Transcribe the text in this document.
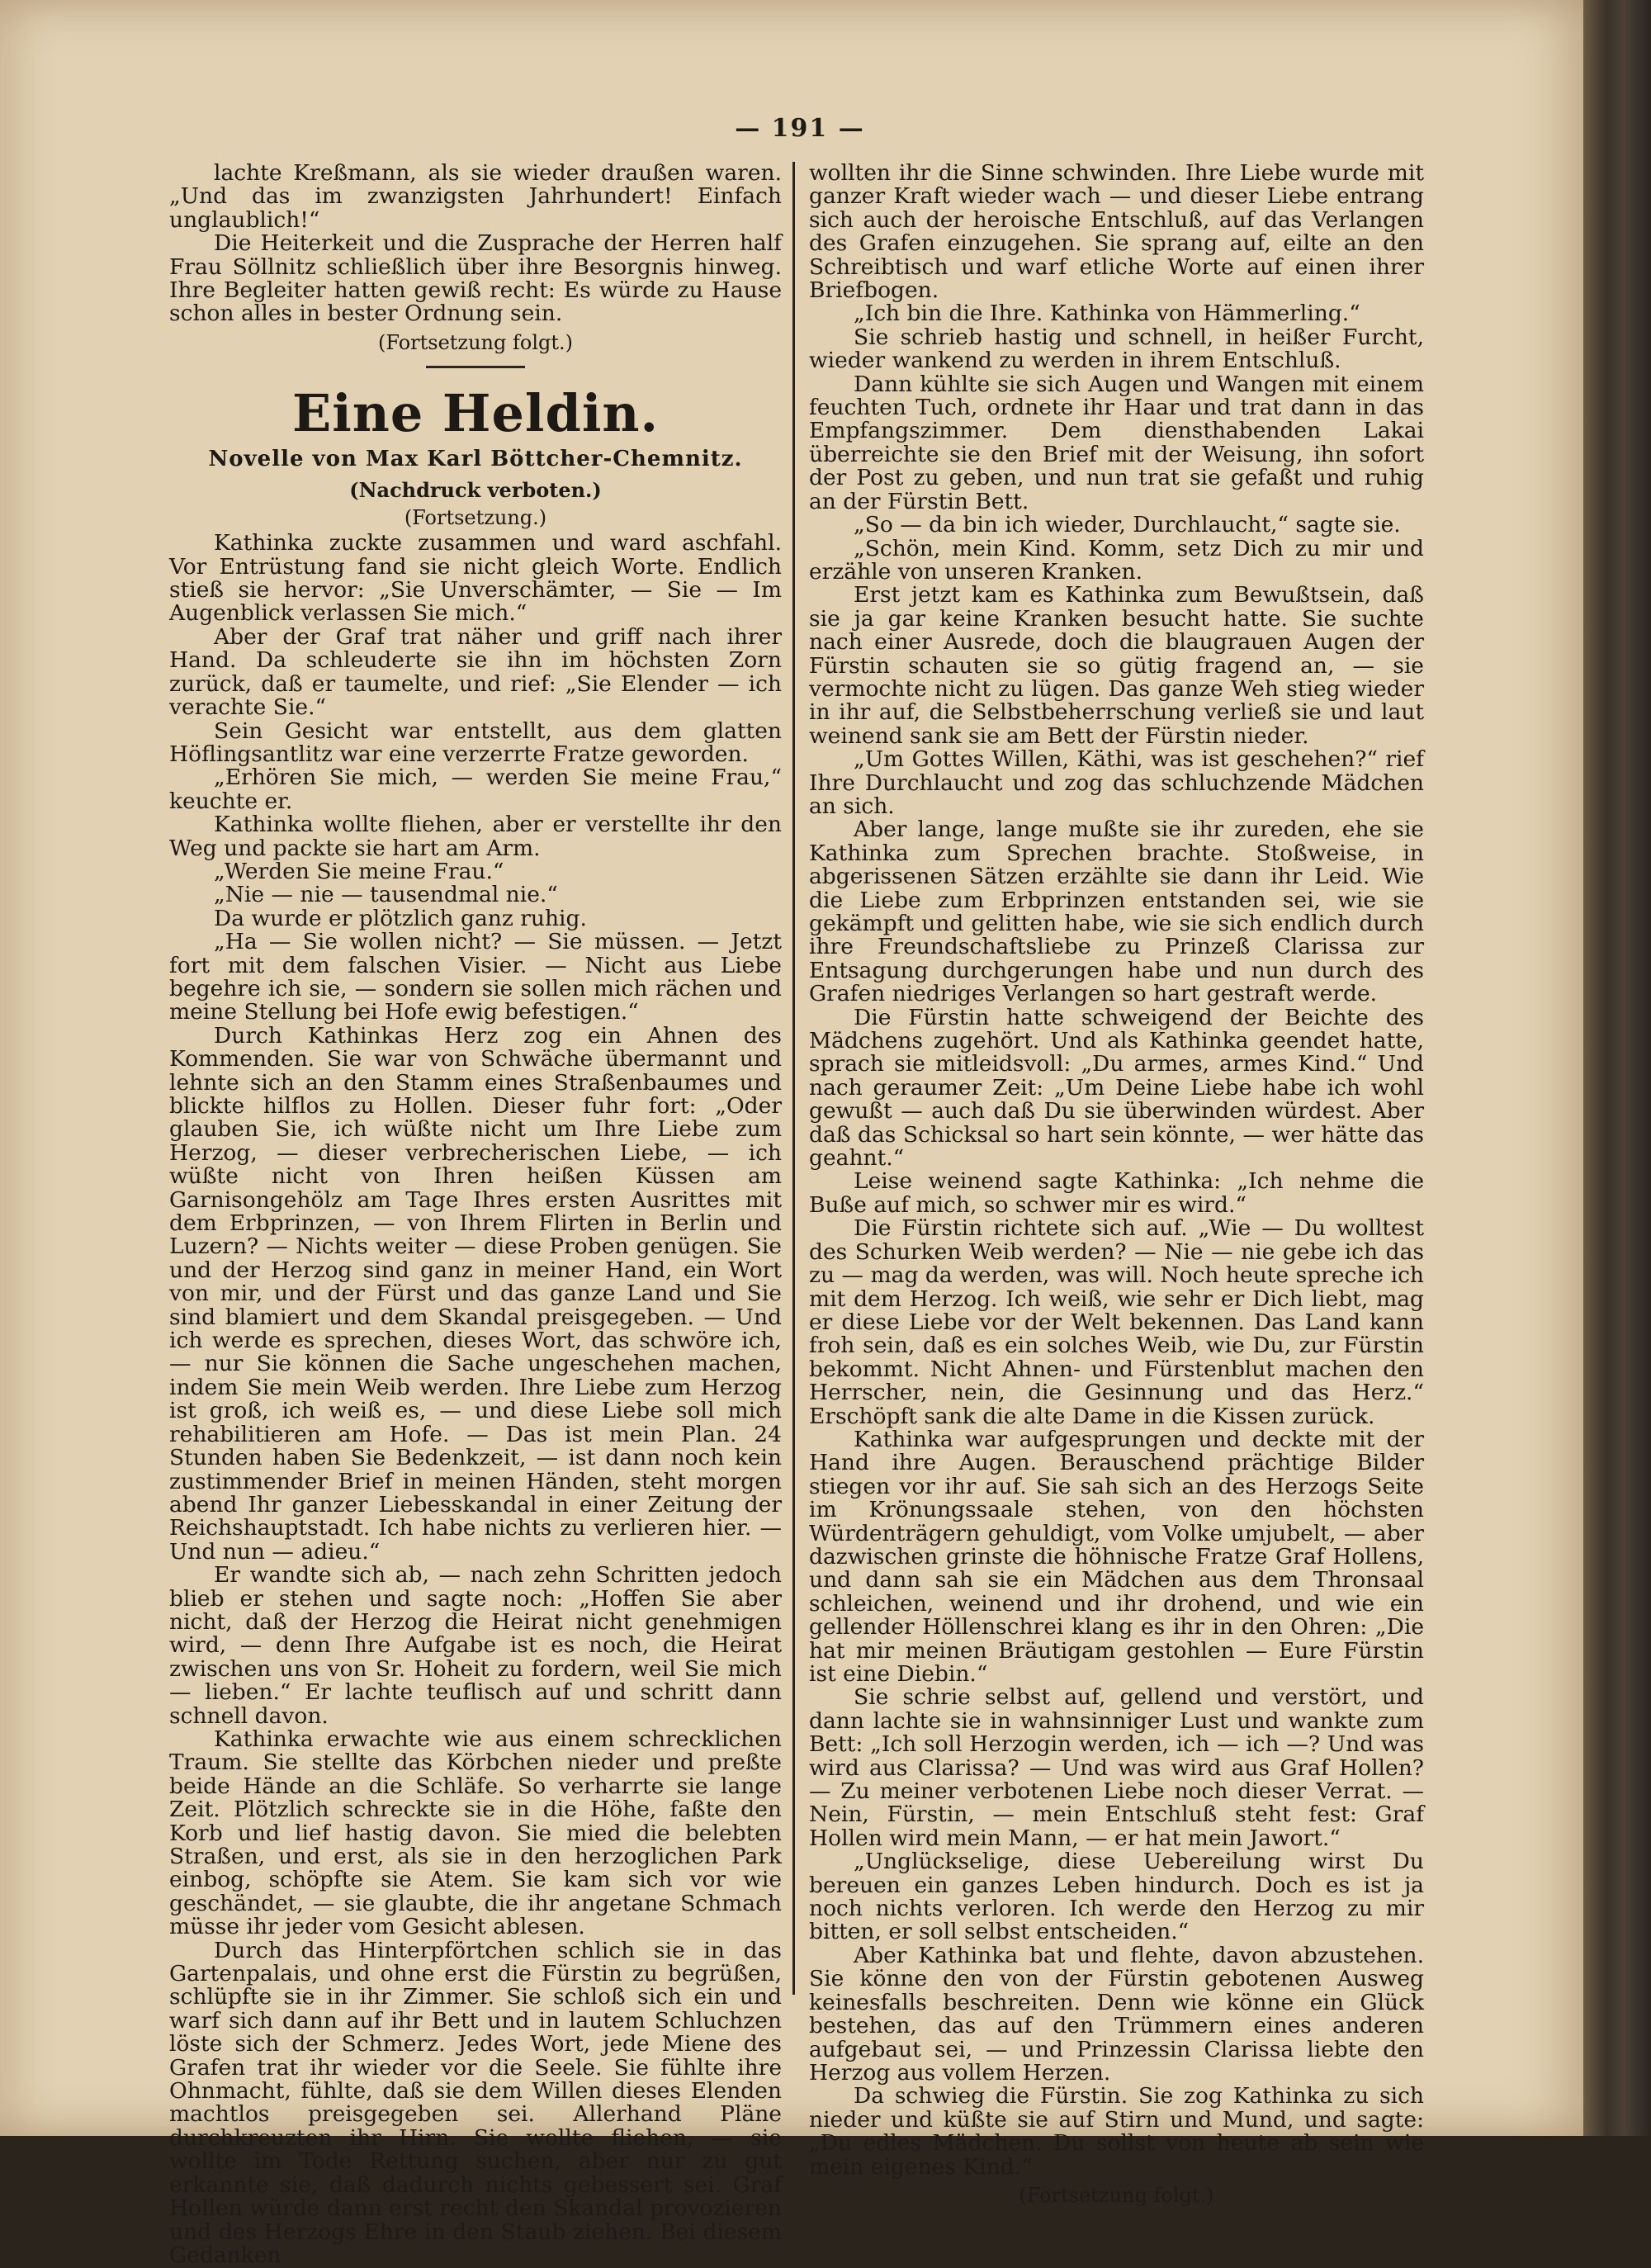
— 191 —

lachte Kreßmann, als sie wieder draußen waren. „Und das im zwanzigsten Jahrhundert! Einfach unglaublich!“

Die Heiterkeit und die Zusprache der Herren half Frau Söllnitz schließlich über ihre Besorgnis hinweg. Ihre Begleiter hatten gewiß recht: Es würde zu Hause schon alles in bester Ordnung sein.

(Fortsetzung folgt.)

Eine Heldin.
Novelle von Max Karl Böttcher-Chemnitz.
(Nachdruck verboten.)
(Fortsetzung.)

Kathinka zuckte zusammen und ward aschfahl. Vor Entrüstung fand sie nicht gleich Worte. Endlich stieß sie hervor: „Sie Unverschämter, — Sie — Im Augenblick verlassen Sie mich.“

Aber der Graf trat näher und griff nach ihrer Hand. Da schleuderte sie ihn im höchsten Zorn zurück, daß er taumelte, und rief: „Sie Elender — ich verachte Sie.“

Sein Gesicht war entstellt, aus dem glatten Höflingsantlitz war eine verzerrte Fratze geworden.

„Erhören Sie mich, — werden Sie meine Frau,“ keuchte er.

Kathinka wollte fliehen, aber er verstellte ihr den Weg und packte sie hart am Arm.

„Werden Sie meine Frau.“

„Nie — nie — tausendmal nie.“

Da wurde er plötzlich ganz ruhig.

„Ha — Sie wollen nicht? — Sie müssen. — Jetzt fort mit dem falschen Visier. — Nicht aus Liebe begehre ich sie, — sondern sie sollen mich rächen und meine Stellung bei Hofe ewig befestigen.“

Durch Kathinkas Herz zog ein Ahnen des Kommenden. Sie war von Schwäche übermannt und lehnte sich an den Stamm eines Straßenbaumes und blickte hilflos zu Hollen. Dieser fuhr fort: „Oder glauben Sie, ich wüßte nicht um Ihre Liebe zum Herzog, — dieser verbrecherischen Liebe, — ich wüßte nicht von Ihren heißen Küssen am Garnisongehölz am Tage Ihres ersten Ausrittes mit dem Erbprinzen, — von Ihrem Flirten in Berlin und Luzern? — Nichts weiter — diese Proben genügen. Sie und der Herzog sind ganz in meiner Hand, ein Wort von mir, und der Fürst und das ganze Land und Sie sind blamiert und dem Skandal preisgegeben. — Und ich werde es sprechen, dieses Wort, das schwöre ich, — nur Sie können die Sache ungeschehen machen, indem Sie mein Weib werden. Ihre Liebe zum Herzog ist groß, ich weiß es, — und diese Liebe soll mich rehabilitieren am Hofe. — Das ist mein Plan. 24 Stunden haben Sie Bedenkzeit, — ist dann noch kein zustimmender Brief in meinen Händen, steht morgen abend Ihr ganzer Liebesskandal in einer Zeitung der Reichshauptstadt. Ich habe nichts zu verlieren hier. — Und nun — adieu.“

Er wandte sich ab, — nach zehn Schritten jedoch blieb er stehen und sagte noch: „Hoffen Sie aber nicht, daß der Herzog die Heirat nicht genehmigen wird, — denn Ihre Aufgabe ist es noch, die Heirat zwischen uns von Sr. Hoheit zu fordern, weil Sie mich — lieben.“ Er lachte teuflisch auf und schritt dann schnell davon.

Kathinka erwachte wie aus einem schrecklichen Traum. Sie stellte das Körbchen nieder und preßte beide Hände an die Schläfe. So verharrte sie lange Zeit. Plötzlich schreckte sie in die Höhe, faßte den Korb und lief hastig davon. Sie mied die belebten Straßen, und erst, als sie in den herzoglichen Park einbog, schöpfte sie Atem. Sie kam sich vor wie geschändet, — sie glaubte, die ihr angetane Schmach müsse ihr jeder vom Gesicht ablesen.

Durch das Hinterpförtchen schlich sie in das Gartenpalais, und ohne erst die Fürstin zu begrüßen, schlüpfte sie in ihr Zimmer. Sie schloß sich ein und warf sich dann auf ihr Bett und in lautem Schluchzen löste sich der Schmerz. Jedes Wort, jede Miene des Grafen trat ihr wieder vor die Seele. Sie fühlte ihre Ohnmacht, fühlte, daß sie dem Willen dieses Elenden machtlos preisgegeben sei. Allerhand Pläne durchkreuzten ihr Hirn. Sie wollte fliehen, — sie wollte im Tode Rettung suchen, aber nur zu gut erkannte sie, daß dadurch nichts gebessert sei. Graf Hollen würde dann erst recht den Skandal provozieren und des Herzogs Ehre in den Staub ziehen. Bei diesem Gedanken

wollten ihr die Sinne schwinden. Ihre Liebe wurde mit ganzer Kraft wieder wach — und dieser Liebe entrang sich auch der heroische Entschluß, auf das Verlangen des Grafen einzugehen. Sie sprang auf, eilte an den Schreibtisch und warf etliche Worte auf einen ihrer Briefbogen.

„Ich bin die Ihre. Kathinka von Hämmerling.“

Sie schrieb hastig und schnell, in heißer Furcht, wieder wankend zu werden in ihrem Entschluß.

Dann kühlte sie sich Augen und Wangen mit einem feuchten Tuch, ordnete ihr Haar und trat dann in das Empfangszimmer. Dem diensthabenden Lakai überreichte sie den Brief mit der Weisung, ihn sofort der Post zu geben, und nun trat sie gefaßt und ruhig an der Fürstin Bett.

„So — da bin ich wieder, Durchlaucht,“ sagte sie.

„Schön, mein Kind. Komm, setz Dich zu mir und erzähle von unseren Kranken.

Erst jetzt kam es Kathinka zum Bewußtsein, daß sie ja gar keine Kranken besucht hatte. Sie suchte nach einer Ausrede, doch die blaugrauen Augen der Fürstin schauten sie so gütig fragend an, — sie vermochte nicht zu lügen. Das ganze Weh stieg wieder in ihr auf, die Selbstbeherrschung verließ sie und laut weinend sank sie am Bett der Fürstin nieder.

„Um Gottes Willen, Käthi, was ist geschehen?“ rief Ihre Durchlaucht und zog das schluchzende Mädchen an sich.

Aber lange, lange mußte sie ihr zureden, ehe sie Kathinka zum Sprechen brachte. Stoßweise, in abgerissenen Sätzen erzählte sie dann ihr Leid. Wie die Liebe zum Erbprinzen entstanden sei, wie sie gekämpft und gelitten habe, wie sie sich endlich durch ihre Freundschaftsliebe zu Prinzeß Clarissa zur Entsagung durchgerungen habe und nun durch des Grafen niedriges Verlangen so hart gestraft werde.

Die Fürstin hatte schweigend der Beichte des Mädchens zugehört. Und als Kathinka geendet hatte, sprach sie mitleidsvoll: „Du armes, armes Kind.“ Und nach geraumer Zeit: „Um Deine Liebe habe ich wohl gewußt — auch daß Du sie überwinden würdest. Aber daß das Schicksal so hart sein könnte, — wer hätte das geahnt.“

Leise weinend sagte Kathinka: „Ich nehme die Buße auf mich, so schwer mir es wird.“

Die Fürstin richtete sich auf. „Wie — Du wolltest des Schurken Weib werden? — Nie — nie gebe ich das zu — mag da werden, was will. Noch heute spreche ich mit dem Herzog. Ich weiß, wie sehr er Dich liebt, mag er diese Liebe vor der Welt bekennen. Das Land kann froh sein, daß es ein solches Weib, wie Du, zur Fürstin bekommt. Nicht Ahnen- und Fürstenblut machen den Herrscher, nein, die Gesinnung und das Herz.“ Erschöpft sank die alte Dame in die Kissen zurück.

Kathinka war aufgesprungen und deckte mit der Hand ihre Augen. Berauschend prächtige Bilder stiegen vor ihr auf. Sie sah sich an des Herzogs Seite im Krönungssaale stehen, von den höchsten Würdenträgern gehuldigt, vom Volke umjubelt, — aber dazwischen grinste die höhnische Fratze Graf Hollens, und dann sah sie ein Mädchen aus dem Thronsaal schleichen, weinend und ihr drohend, und wie ein gellender Höllenschrei klang es ihr in den Ohren: „Die hat mir meinen Bräutigam gestohlen — Eure Fürstin ist eine Diebin.“

Sie schrie selbst auf, gellend und verstört, und dann lachte sie in wahnsinniger Lust und wankte zum Bett: „Ich soll Herzogin werden, ich — ich —? Und was wird aus Clarissa? — Und was wird aus Graf Hollen? — Zu meiner verbotenen Liebe noch dieser Verrat. — Nein, Fürstin, — mein Entschluß steht fest: Graf Hollen wird mein Mann, — er hat mein Jawort.“

„Unglückselige, diese Uebereilung wirst Du bereuen ein ganzes Leben hindurch. Doch es ist ja noch nichts verloren. Ich werde den Herzog zu mir bitten, er soll selbst entscheiden.“

Aber Kathinka bat und flehte, davon abzustehen. Sie könne den von der Fürstin gebotenen Ausweg keinesfalls beschreiten. Denn wie könne ein Glück bestehen, das auf den Trümmern eines anderen aufgebaut sei, — und Prinzessin Clarissa liebte den Herzog aus vollem Herzen.

Da schwieg die Fürstin. Sie zog Kathinka zu sich nieder und küßte sie auf Stirn und Mund, und sagte: „Du edles Mädchen. Du sollst von heute ab sein wie mein eigenes Kind.“

(Fortsetzung folgt.)
